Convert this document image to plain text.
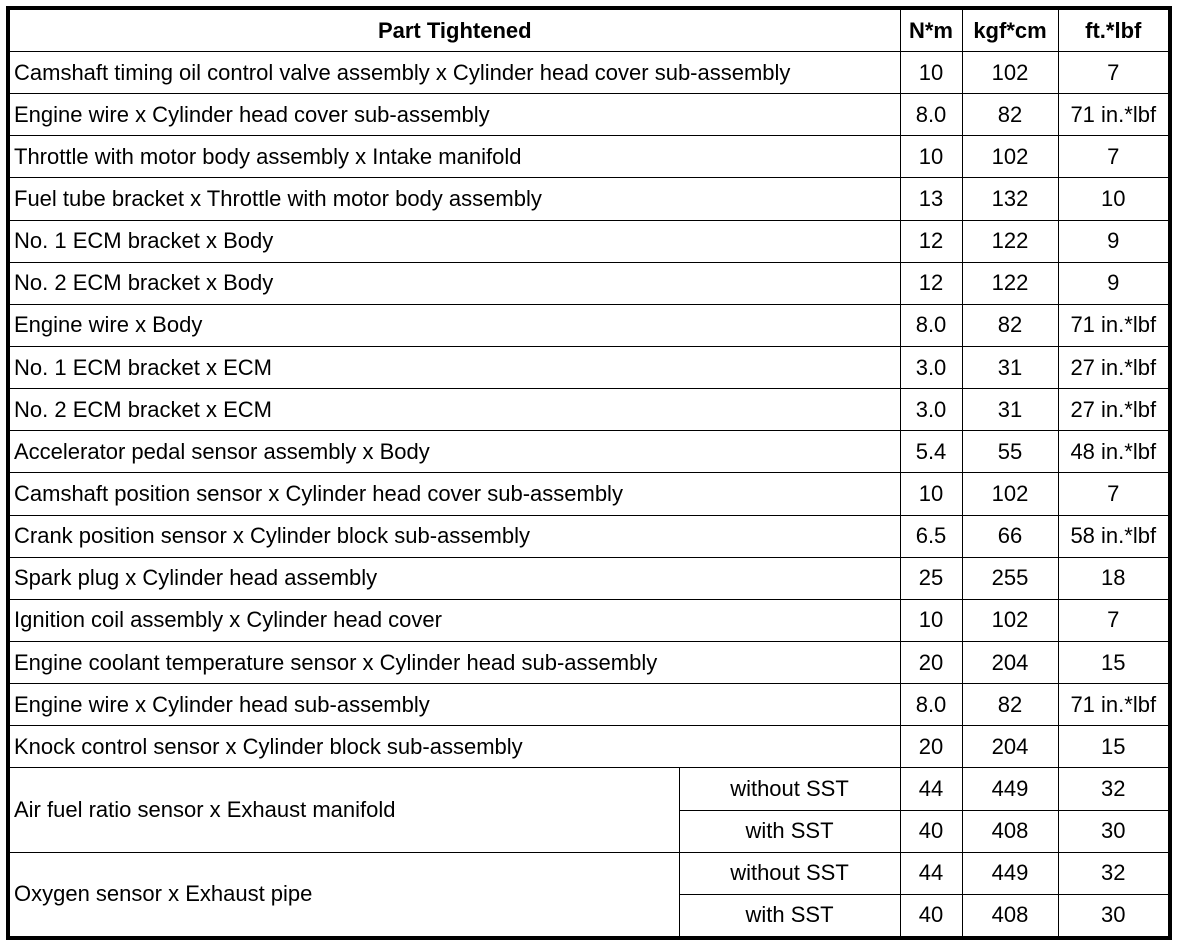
Part Tightened		N*m	kgf*cm	ft.*lbf
Camshaft timing oil control valve assembly x Cylinder head cover sub-assembly		10	102	7
Engine wire x Cylinder head cover sub-assembly		8.0	82	71 in.*lbf
Throttle with motor body assembly x Intake manifold		10	102	7
Fuel tube bracket x Throttle with motor body assembly		13	132	10
No. 1 ECM bracket x Body		12	122	9
No. 2 ECM bracket x Body		12	122	9
Engine wire x Body		8.0	82	71 in.*lbf
No. 1 ECM bracket x ECM		3.0	31	27 in.*lbf
No. 2 ECM bracket x ECM		3.0	31	27 in.*lbf
Accelerator pedal sensor assembly x Body		5.4	55	48 in.*lbf
Camshaft position sensor x Cylinder head cover sub-assembly		10	102	7
Crank position sensor x Cylinder block sub-assembly		6.5	66	58 in.*lbf
Spark plug x Cylinder head assembly		25	255	18
Ignition coil assembly x Cylinder head cover		10	102	7
Engine coolant temperature sensor x Cylinder head sub-assembly		20	204	15
Engine wire x Cylinder head sub-assembly		8.0	82	71 in.*lbf
Knock control sensor x Cylinder block sub-assembly		20	204	15
Air fuel ratio sensor x Exhaust manifold	without SST	44	449	32
	with SST	40	408	30
Oxygen sensor x Exhaust pipe	without SST	44	449	32
	with SST	40	408	30
